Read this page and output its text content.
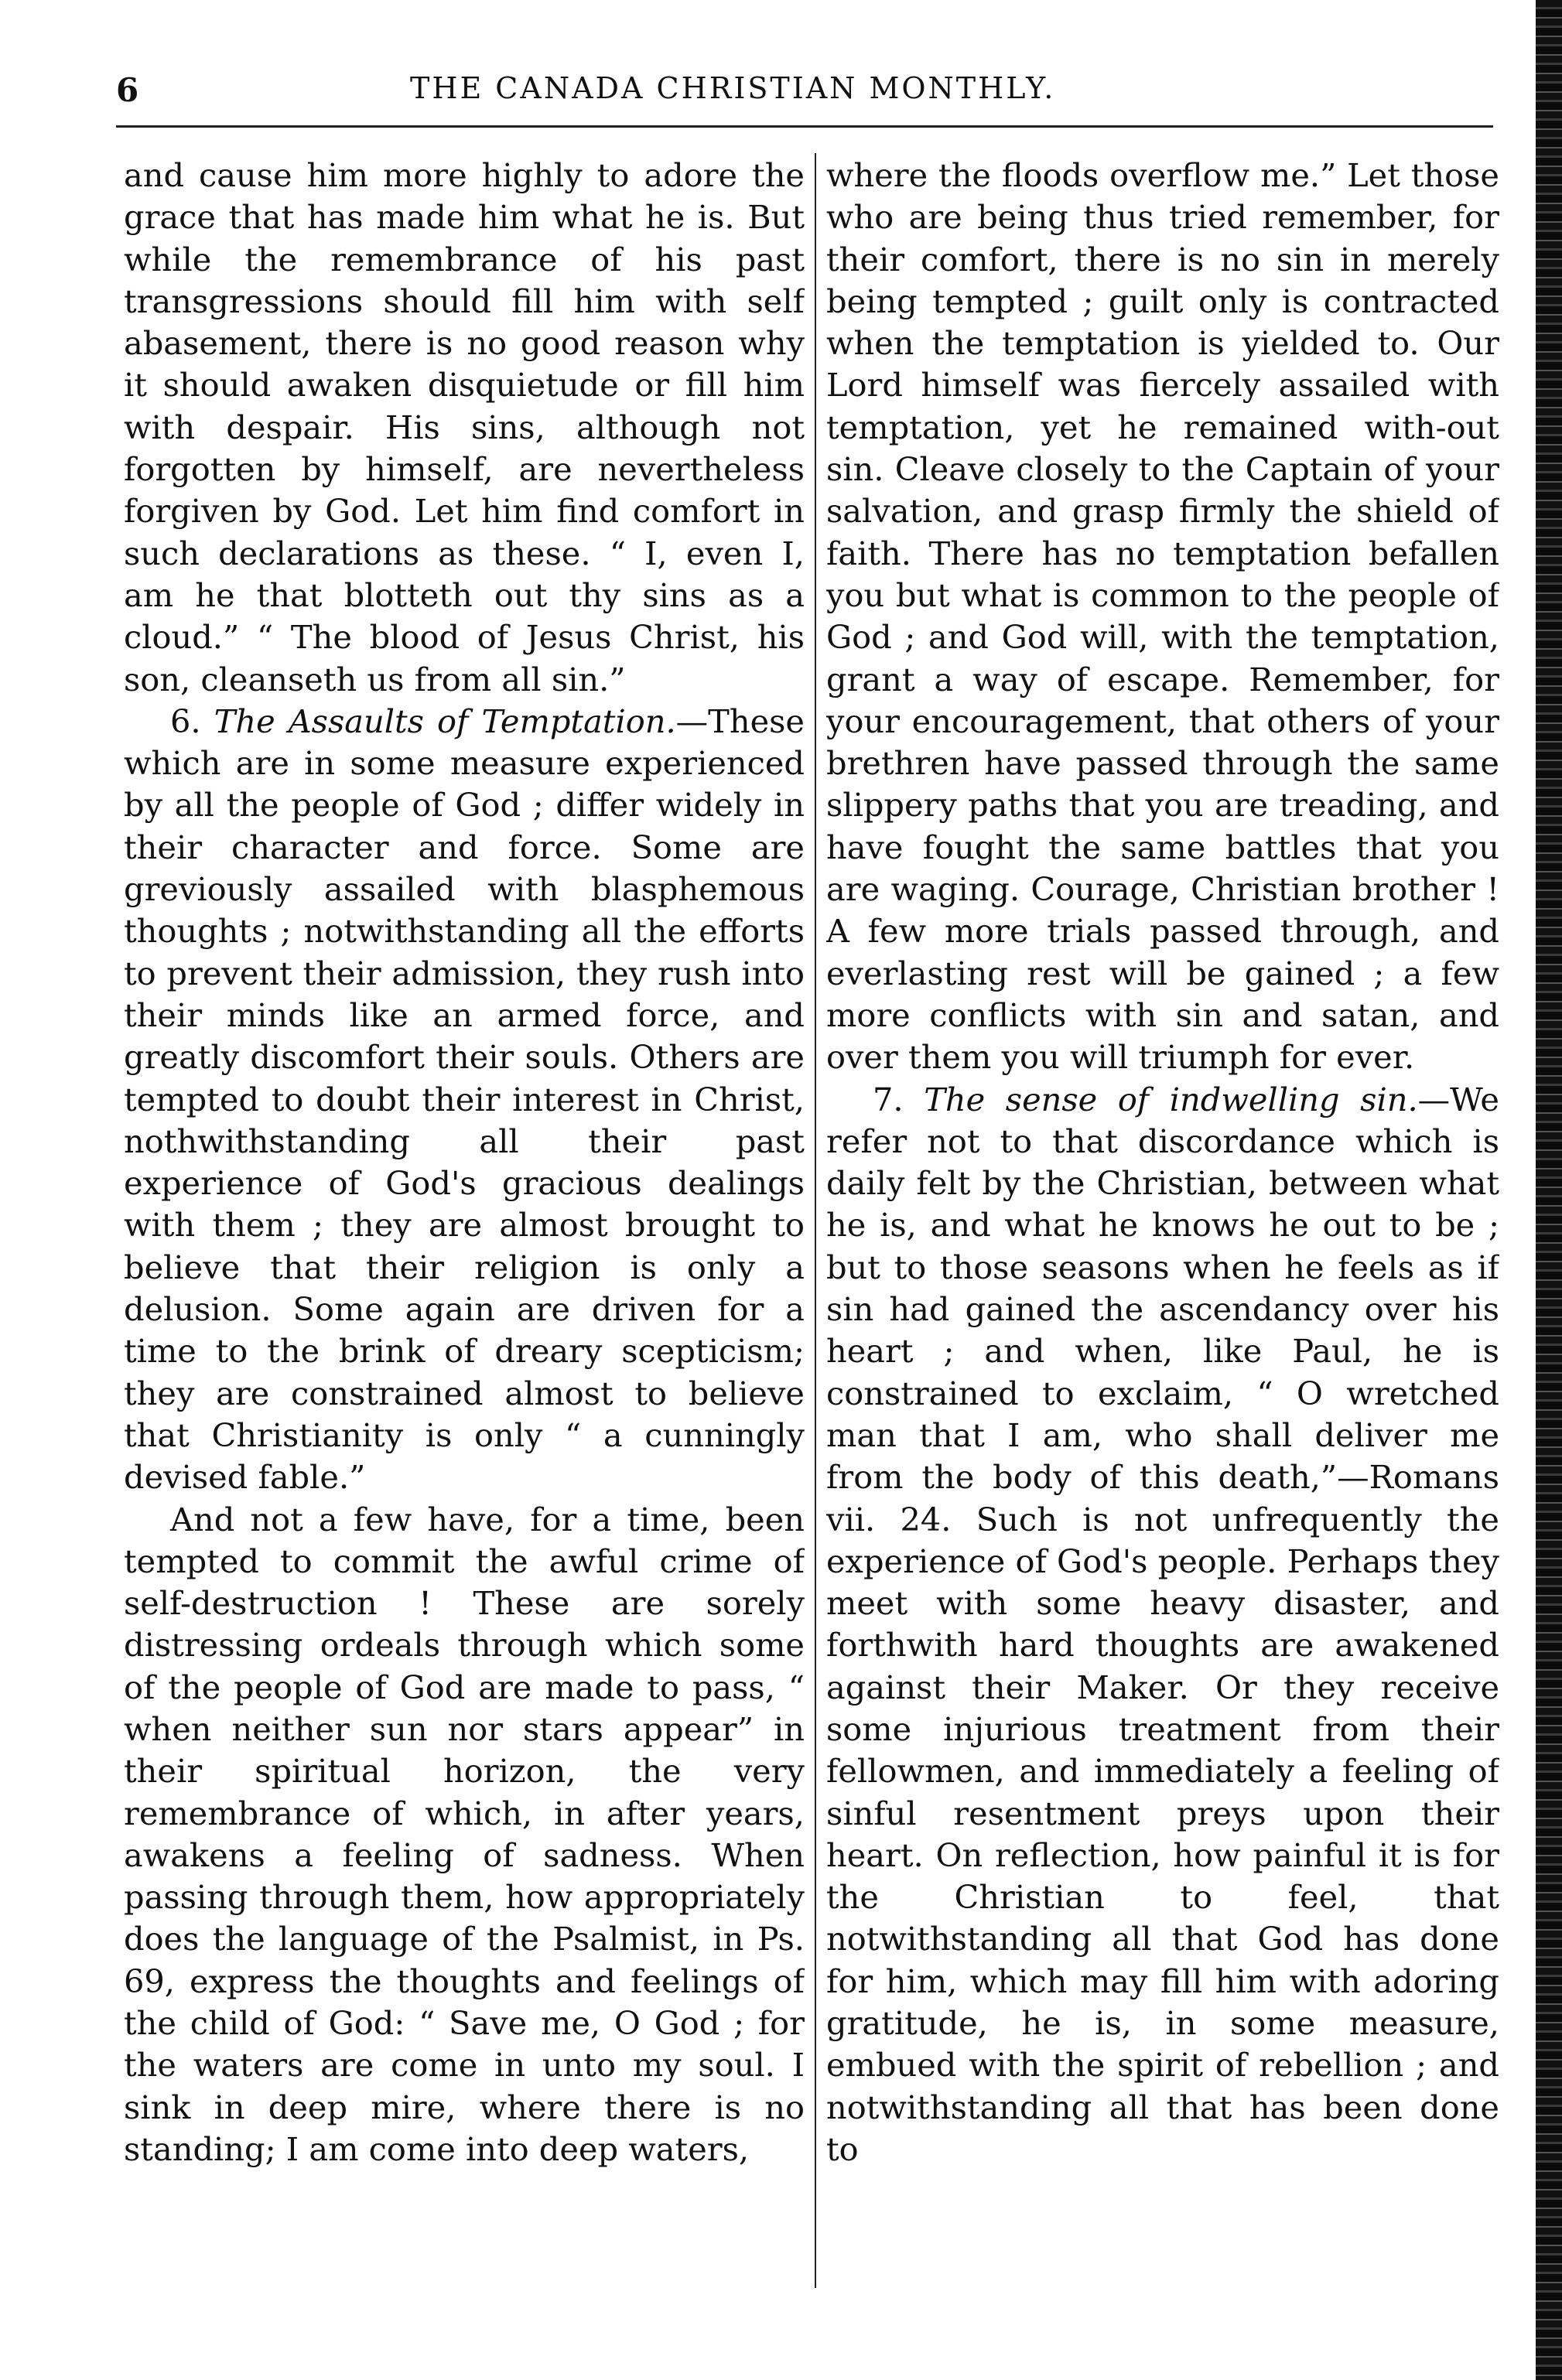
6	THE CANADA CHRISTIAN MONTHLY.

and cause him more highly to adore the grace that has made him what he is. But while the remembrance of his past transgressions should fill him with self abasement, there is no good reason why it should awaken disquietude or fill him with despair. His sins, although not forgotten by himself, are nevertheless forgiven by God. Let him find comfort in such declarations as these. “ I, even I, am he that blotteth out thy sins as a cloud.” “ The blood of Jesus Christ, his son, cleanseth us from all sin.”

6. The Assaults of Temptation.—These which are in some measure experienced by all the people of God ; differ widely in their character and force. Some are greviously assailed with blasphemous thoughts ; notwithstanding all the efforts to prevent their admission, they rush into their minds like an armed force, and greatly discomfort their souls. Others are tempted to doubt their interest in Christ, nothwithstanding all their past experience of God's gracious dealings with them ; they are almost brought to believe that their religion is only a delusion. Some again are driven for a time to the brink of dreary scepticism; they are constrained almost to believe that Christianity is only “ a cunningly devised fable.”

And not a few have, for a time, been tempted to commit the awful crime of self-destruction ! These are sorely distressing ordeals through which some of the people of God are made to pass, “ when neither sun nor stars appear” in their spiritual horizon, the very remembrance of which, in after years, awakens a feeling of sadness. When passing through them, how appropriately does the language of the Psalmist, in Ps. 69, express the thoughts and feelings of the child of God: “ Save me, O God ; for the waters are come in unto my soul. I sink in deep mire, where there is no standing; I am come into deep waters,

where the floods overflow me.” Let those who are being thus tried remember, for their comfort, there is no sin in merely being tempted ; guilt only is contracted when the temptation is yielded to. Our Lord himself was fiercely assailed with temptation, yet he remained with-out sin. Cleave closely to the Captain of your salvation, and grasp firmly the shield of faith. There has no temptation befallen you but what is common to the people of God ; and God will, with the temptation, grant a way of escape. Remember, for your encouragement, that others of your brethren have passed through the same slippery paths that you are treading, and have fought the same battles that you are waging. Courage, Christian brother ! A few more trials passed through, and everlasting rest will be gained ; a few more conflicts with sin and satan, and over them you will triumph for ever.

7. The sense of indwelling sin.—We refer not to that discordance which is daily felt by the Christian, between what he is, and what he knows he out to be ; but to those seasons when he feels as if sin had gained the ascendancy over his heart ; and when, like Paul, he is constrained to exclaim, “ O wretched man that I am, who shall deliver me from the body of this death,”—Romans vii. 24. Such is not unfrequently the experience of God's people. Perhaps they meet with some heavy disaster, and forthwith hard thoughts are awakened against their Maker. Or they receive some injurious treatment from their fellowmen, and immediately a feeling of sinful resentment preys upon their heart. On reflection, how painful it is for the Christian to feel, that notwithstanding all that God has done for him, which may fill him with adoring gratitude, he is, in some measure, embued with the spirit of rebellion ; and notwithstanding all that has been done to
